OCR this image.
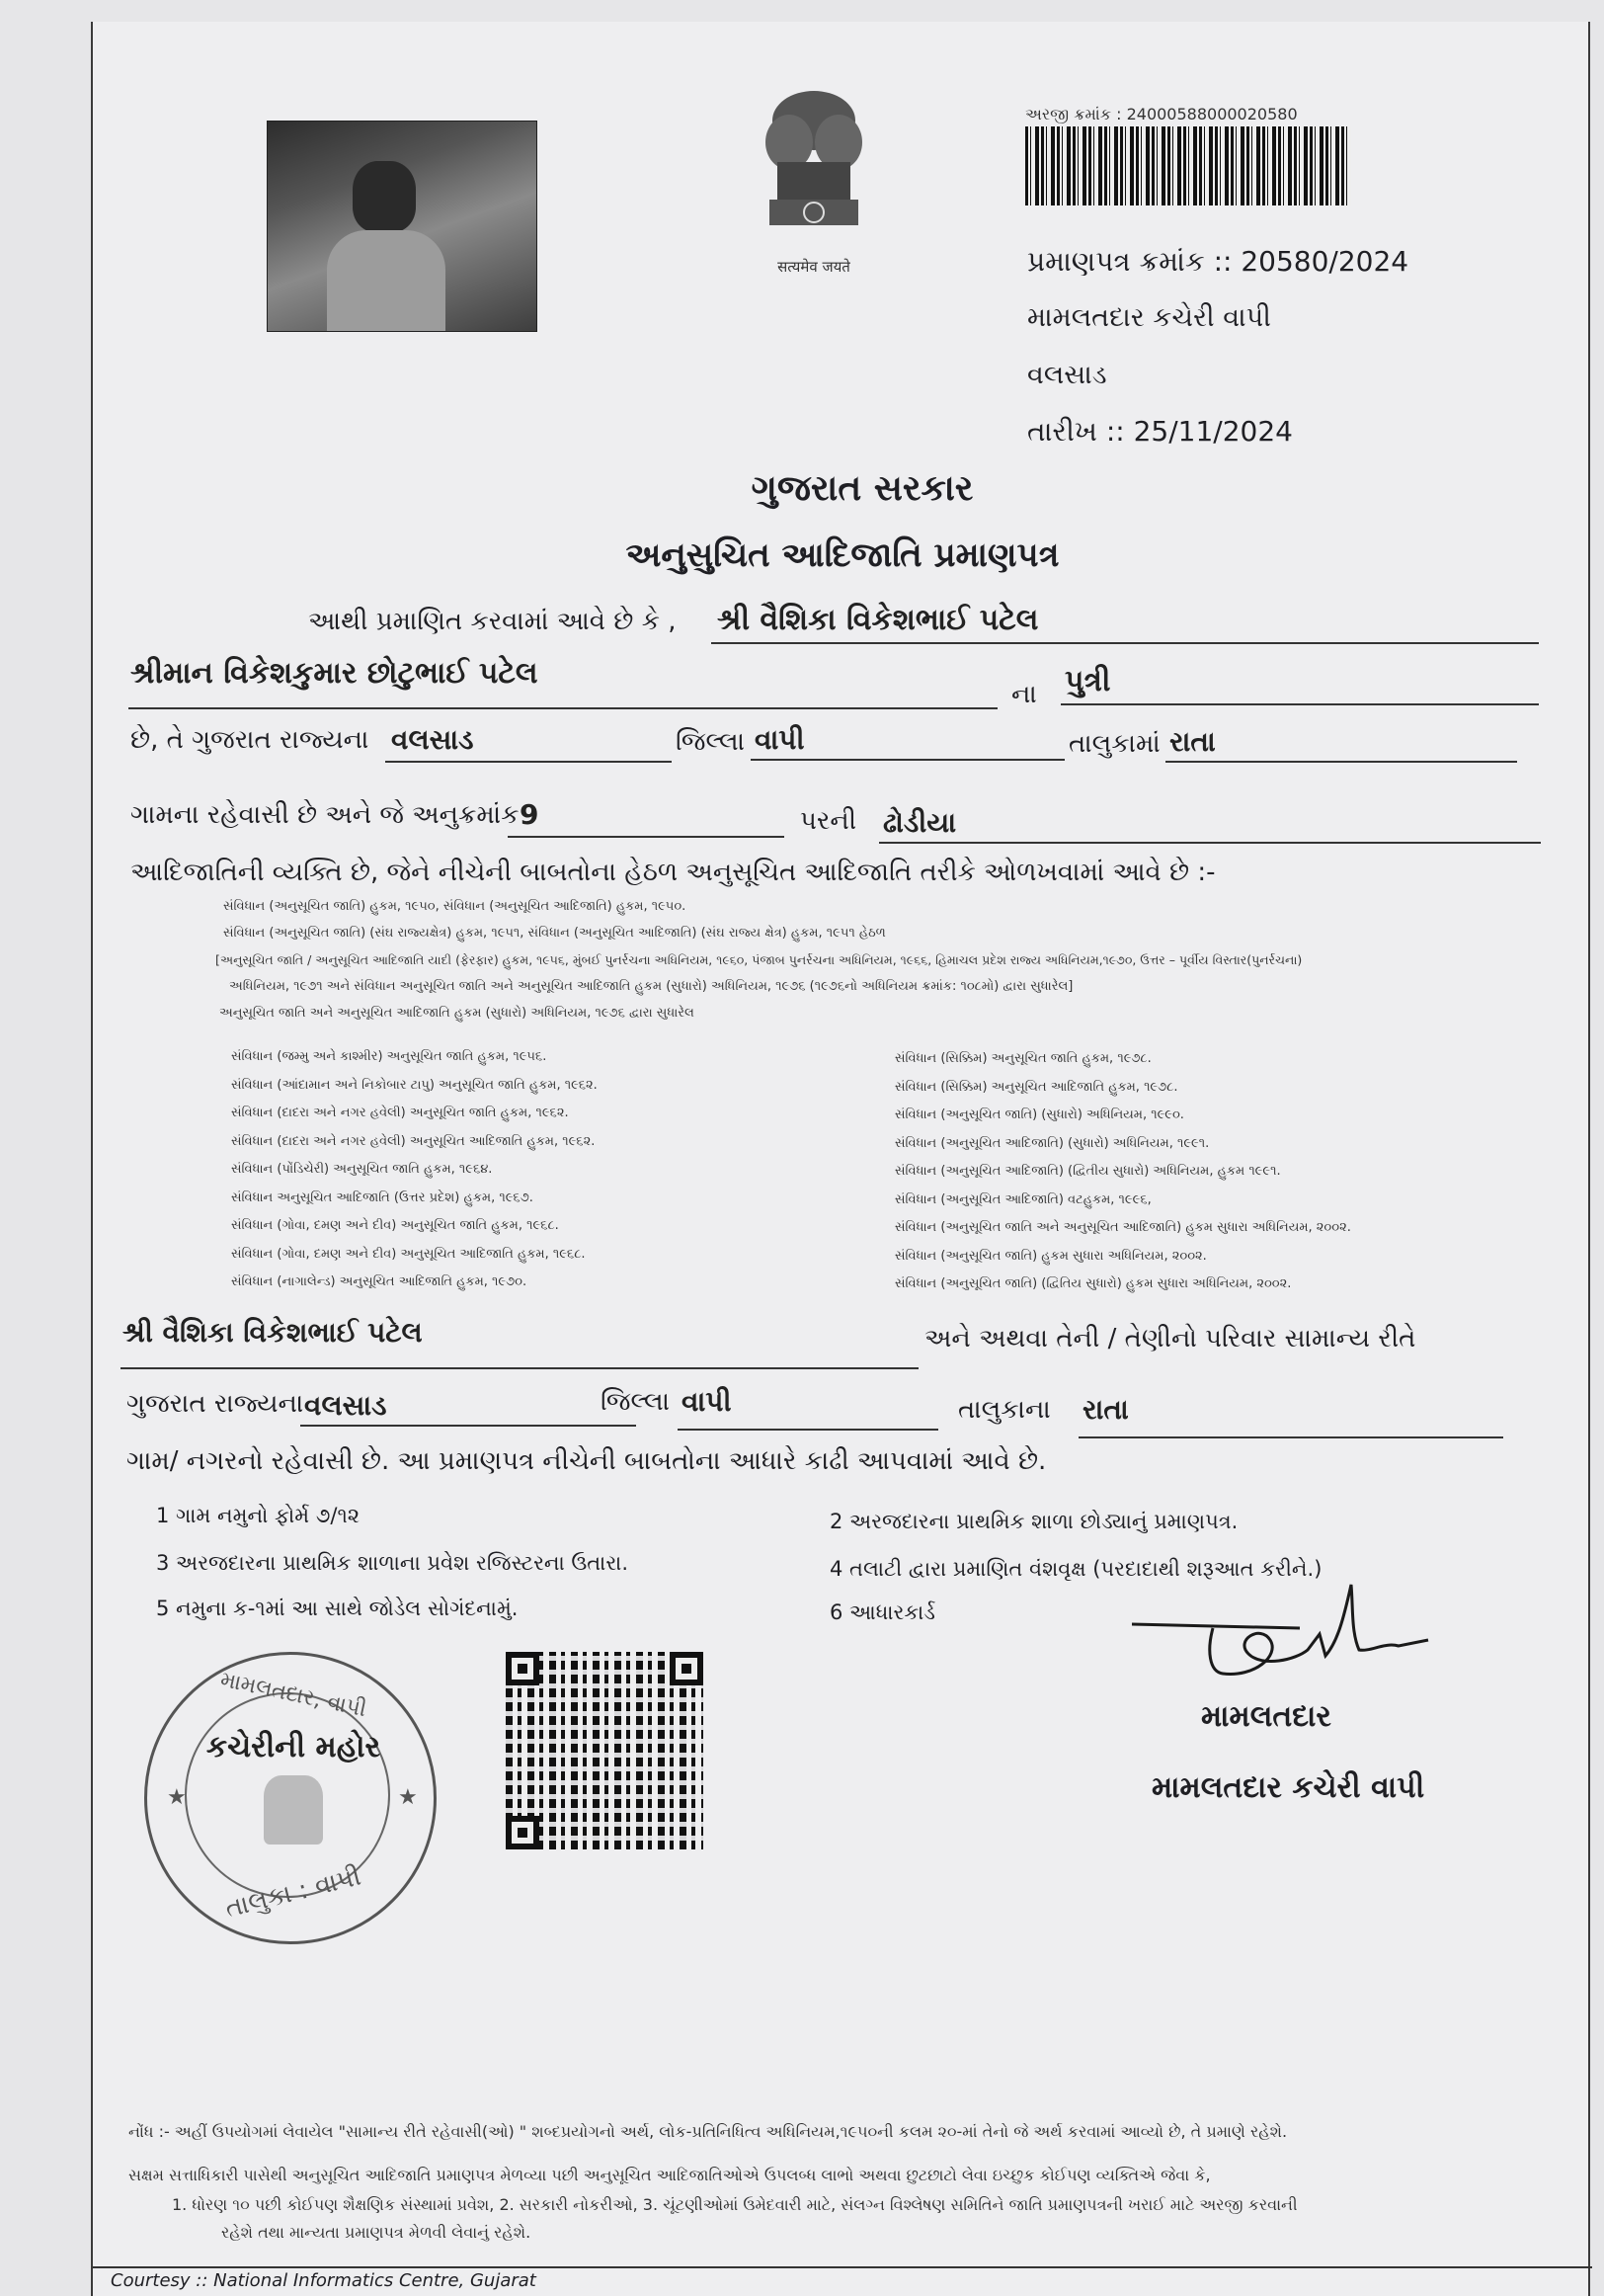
सत्यमेव जयते
અરજી ક્રમાંક : 24000588000020580
પ્રમાણપત્ર ક્રમાંક :: 20580/2024
મામલતદાર કચેરી વાપી
વલસાડ
તારીખ :: 25/11/2024
ગુજરાત સરકાર
અનુસુચિત આદિજાતિ પ્રમાણપત્ર
આથી પ્રમાણિત કરવામાં આવે છે કે , શ્રી વૈશિકા વિકેશભાઈ પટેલ
શ્રીમાન વિકેશકુમાર છોટુભાઈ પટેલ
ના પુત્રી
છે, તે ગુજરાત રાજ્યના વલસાડ	જિલ્લા વાપી	તાલુકામાં રાતા
ગામના રહેવાસી છે અને જે અનુક્રમાંક 9	પરની ઢોડીયા
આદિજાતિની વ્યક્તિ છે, જેને નીચેની બાબતોના હેઠળ અનુસૂચિત આદિજાતિ તરીકે ઓળખવામાં આવે છે :-
સંવિધાન (અનુસૂચિત જાતિ) હુકમ, ૧૯૫૦, સંવિધાન (અનુસૂચિત આદિજાતિ) હુકમ, ૧૯૫૦.
સંવિધાન (અનુસૂચિત જાતિ) (સંઘ રાજ્યક્ષેત્ર) હુકમ, ૧૯૫૧, સંવિધાન (અનુસૂચિત આદિજાતિ) (સંઘ રાજ્ય ક્ષેત્ર) હુકમ, ૧૯૫૧ હેઠળ
[અનુસૂચિત જાતિ / અનુસૂચિત આદિજાતિ યાદી (ફેરફાર) હુકમ, ૧૯૫૬, મુંબઈ પુનર્રચના અધિનિયમ, ૧૯૬૦, પંજાબ પુનર્રચના અધિનિયમ, ૧૯૬૬, હિમાચલ પ્રદેશ રાજ્ય અધિનિયમ,૧૯૭૦, ઉત્તર – પૂર્વીય વિસ્તાર(પુનર્રચના)
અધિનિયમ, ૧૯૭૧ અને સંવિધાન અનુસૂચિત જાતિ અને અનુસૂચિત આદિજાતિ હુકમ (સુધારો) અધિનિયમ, ૧૯૭૬ (૧૯૭૬નો અધિનિયમ ક્રમાંક: ૧૦૮મો) દ્વારા સુધારેલ]
અનુસૂચિત જાતિ અને અનુસૂચિત આદિજાતિ હુકમ (સુધારો) અધિનિયમ, ૧૯૭૬ દ્વારા સુધારેલ
સંવિધાન (જમ્મુ અને કાશ્મીર) અનુસૂચિત જાતિ હુકમ, ૧૯૫૬.
સંવિધાન (આંદામાન અને નિકોબાર ટાપુ) અનુસૂચિત જાતિ હુકમ, ૧૯૬૨.
સંવિધાન (દાદરા અને નગર હવેલી) અનુસૂચિત જાતિ હુકમ, ૧૯૬૨.
સંવિધાન (દાદરા અને નગર હવેલી) અનુસૂચિત આદિજાતિ હુકમ, ૧૯૬૨.
સંવિધાન (પોંડિચેરી) અનુસૂચિત જાતિ હુકમ, ૧૯૬૪.
સંવિધાન અનુસૂચિત આદિજાતિ (ઉત્તર પ્રદેશ) હુકમ, ૧૯૬૭.
સંવિધાન (ગોવા, દમણ અને દીવ) અનુસૂચિત જાતિ હુકમ, ૧૯૬૮.
સંવિધાન (ગોવા, દમણ અને દીવ) અનુસૂચિત આદિજાતિ હુકમ, ૧૯૬૮.
સંવિધાન (નાગાલેન્ડ) અનુસૂચિત આદિજાતિ હુકમ, ૧૯૭૦.
સંવિધાન (સિક્કિમ) અનુસૂચિત જાતિ હુકમ, ૧૯૭૮.
સંવિધાન (સિક્કિમ) અનુસૂચિત આદિજાતિ હુકમ, ૧૯૭૮.
સંવિધાન (અનુસૂચિત જાતિ) (સુધારો) અધિનિયમ, ૧૯૯૦.
સંવિધાન (અનુસૂચિત આદિજાતિ) (સુધારો) અધિનિયમ, ૧૯૯૧.
સંવિધાન (અનુસૂચિત આદિજાતિ) (દ્વિતીય સુધારો) અધિનિયમ, હુકમ ૧૯૯૧.
સંવિધાન (અનુસૂચિત આદિજાતિ) વટહુકમ, ૧૯૯૬,
સંવિધાન (અનુસૂચિત જાતિ અને અનુસૂચિત આદિજાતિ) હુકમ સુધારા અધિનિયમ, ૨૦૦૨.
સંવિધાન (અનુસૂચિત જાતિ) હુકમ સુધારા અધિનિયમ, ૨૦૦૨.
સંવિધાન (અનુસૂચિત જાતિ) (દ્વિતિય સુધારો) હુકમ સુધારા અધિનિયમ, ૨૦૦૨.
શ્રી વૈશિકા વિકેશભાઈ પટેલ	અને અથવા તેની / તેણીનો પરિવાર સામાન્ય રીતે
ગુજરાત રાજ્યના વલસાડ	જિલ્લા વાપી	તાલુકાના રાતા
ગામ/ નગરનો રહેવાસી છે. આ પ્રમાણપત્ર નીચેની બાબતોના આધારે કાઢી આપવામાં આવે છે.
1 ગામ નમુનો ફોર્મ ૭/૧૨	2 અરજદારના પ્રાથમિક શાળા છોડ્યાનું પ્રમાણપત્ર.
3 અરજદારના પ્રાથમિક શાળાના પ્રવેશ રજિસ્ટરના ઉતારા.	4 તલાટી દ્વારા પ્રમાણિત વંશવૃક્ષ (પરદાદાથી શરૂઆત કરીને.)
5 નમુના ક-૧માં આ સાથે જોડેલ સોગંદનામું.	6 આધારકાર્ડ
મામલતદાર, વાપી
કચેરીની મહોર
★	★
તાલુકા : વાપી
મામલતદાર
મામલતદાર કચેરી વાપી
નોંધ :- અહીં ઉપયોગમાં લેવાયેલ "સામાન્ય રીતે રહેવાસી(ઓ) " શબ્દપ્રયોગનો અર્થ, લોક-પ્રતિનિધિત્વ અધિનિયમ,૧૯૫૦ની કલમ ૨૦-માં તેનો જે અર્થ કરવામાં આવ્યો છે, તે પ્રમાણે રહેશે.
સક્ષમ સત્તાધિકારી પાસેથી અનુસૂચિત આદિજાતિ પ્રમાણપત્ર મેળવ્યા પછી અનુસૂચિત આદિજાતિઓએ ઉપલબ્ધ લાભો અથવા છુટછાટો લેવા ઇચ્છુક કોઈપણ વ્યક્તિએ જેવા કે,
1. ધોરણ ૧૦ પછી કોઈપણ શૈક્ષણિક સંસ્થામાં પ્રવેશ, 2. સરકારી નોકરીઓ, 3. ચૂંટણીઓમાં ઉમેદવારી માટે, સંલગ્ન વિશ્લેષણ સમિતિને જાતિ પ્રમાણપત્રની ખરાઈ માટે અરજી કરવાની
રહેશે તથા માન્યતા પ્રમાણપત્ર મેળવી લેવાનું રહેશે.
Courtesy :: National Informatics Centre, Gujarat
